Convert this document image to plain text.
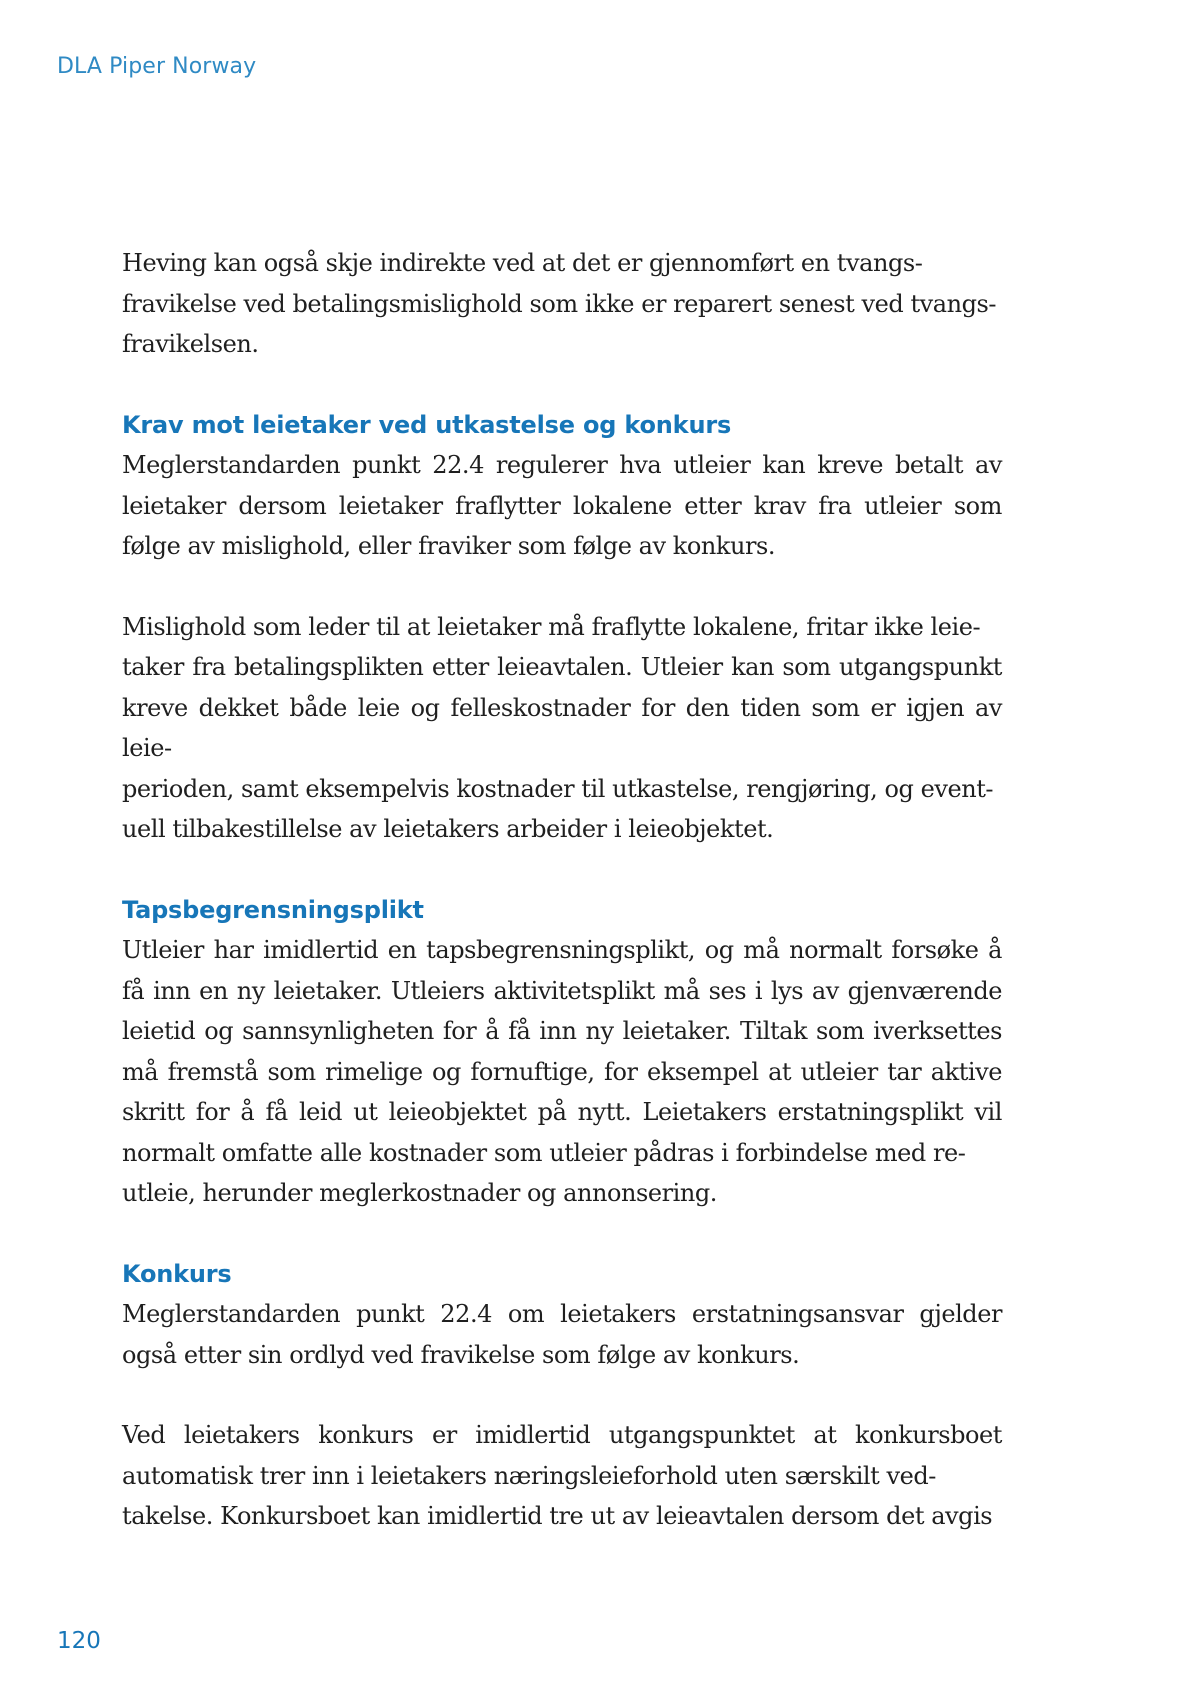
DLA Piper Norway

Heving kan også skje indirekte ved at det er gjennomført en tvangs-
fravikelse ved betalingsmislighold som ikke er reparert senest ved tvangs-
fravikelsen.

Krav mot leietaker ved utkastelse og konkurs

Meglerstandarden punkt 22.4 regulerer hva utleier kan kreve betalt av leietaker dersom leietaker fraflytter lokalene etter krav fra utleier som følge av mislighold, eller fraviker som følge av konkurs.

Mislighold som leder til at leietaker må fraflytte lokalene, fritar ikke leie-
taker fra betalingsplikten etter leieavtalen. Utleier kan som utgangspunkt kreve dekket både leie og felleskostnader for den tiden som er igjen av leie-
perioden, samt eksempelvis kostnader til utkastelse, rengjøring, og event-
uell tilbakestillelse av leietakers arbeider i leieobjektet.

Tapsbegrensningsplikt

Utleier har imidlertid en tapsbegrensningsplikt, og må normalt forsøke å få inn en ny leietaker. Utleiers aktivitetsplikt må ses i lys av gjenværende leietid og sannsynligheten for å få inn ny leietaker. Tiltak som iverksettes må fremstå som rimelige og fornuftige, for eksempel at utleier tar aktive skritt for å få leid ut leieobjektet på nytt. Leietakers erstatningsplikt vil normalt omfatte alle kostnader som utleier pådras i forbindelse med re-
utleie, herunder meglerkostnader og annonsering.

Konkurs

Meglerstandarden punkt 22.4 om leietakers erstatningsansvar gjelder også etter sin ordlyd ved fravikelse som følge av konkurs.

Ved leietakers konkurs er imidlertid utgangspunktet at konkursboet automatisk trer inn i leietakers næringsleieforhold uten særskilt ved-
takelse. Konkursboet kan imidlertid tre ut av leieavtalen dersom det avgis

120
